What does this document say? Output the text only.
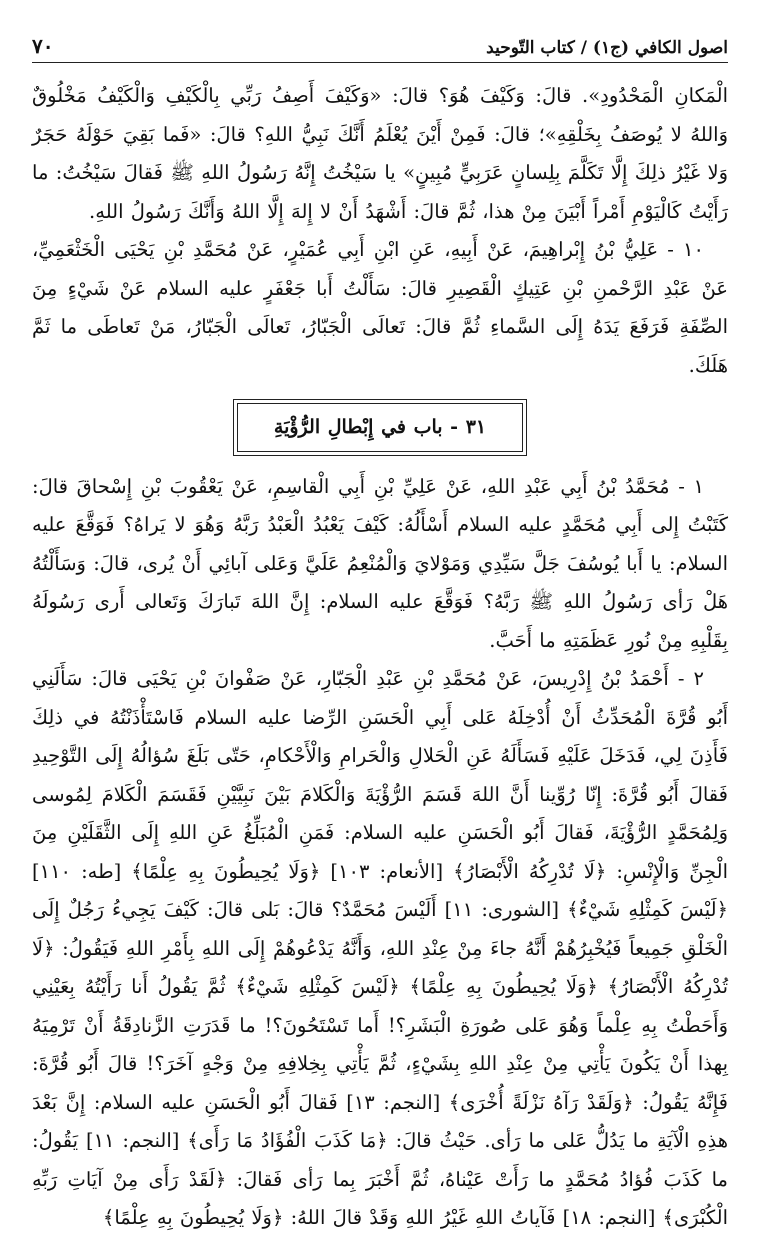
اصول الكافي (ج١) / كتاب التّوحيد
٧٠

الْمَكانِ الْمَحْدُودِ». قالَ: وَكَيْفَ هُوَ؟ قالَ: «وَكَيْفَ أَصِفُ رَبِّي بِالْكَيْفِ وَالْكَيْفُ مَخْلُوقٌ وَاللهُ لا يُوصَفُ بِخَلْقِهِ»؛ قالَ: فَمِنْ أَيْنَ يُعْلَمُ أَنَّكَ نَبِيُّ اللهِ؟ قالَ: «فَما بَقِيَ حَوْلَهُ حَجَرٌ وَلا غَيْرُ ذلِكَ إِلَّا تَكَلَّمَ بِلِسانٍ عَرَبِيٍّ مُبِينٍ» يا سَيْخُتُ إِنَّهُ رَسُولُ اللهِ ﷺ فَقالَ سَيْخُتُ: ما رَأَيْتُ كَالْيَوْمِ أَمْراً أَبْيَنَ مِنْ هذا، ثُمَّ قالَ: أَشْهَدُ أَنْ لا إِلهَ إِلَّا اللهُ وَأَنَّكَ رَسُولُ اللهِ.

١٠ - عَلِيُّ بْنُ إِبْراهِيمَ، عَنْ أَبِيهِ، عَنِ ابْنِ أَبِي عُمَيْرٍ، عَنْ مُحَمَّدِ بْنِ يَحْيَى الْخَثْعَمِيِّ، عَنْ عَبْدِ الرَّحْمنِ بْنِ عَتِيكٍ الْقَصِيرِ قالَ: سَأَلْتُ أَبا جَعْفَرٍ عليه السلام عَنْ شَيْءٍ مِنَ الصِّفَةِ فَرَفَعَ يَدَهُ إِلَى السَّماءِ ثُمَّ قالَ: تَعالَى الْجَبّارُ، تَعالَى الْجَبّارُ، مَنْ تَعاطَى ما ثَمَّ هَلَكَ.

٣١ - باب في إِبْطالِ الرُّؤْيَةِ

١ - مُحَمَّدُ بْنُ أَبِي عَبْدِ اللهِ، عَنْ عَلِيِّ بْنِ أَبِي الْقاسِمِ، عَنْ يَعْقُوبَ بْنِ إِسْحاقَ قالَ: كَتَبْتُ إِلى أَبِي مُحَمَّدٍ عليه السلام أَسْأَلُهُ: كَيْفَ يَعْبُدُ الْعَبْدُ رَبَّهُ وَهُوَ لا يَراهُ؟ فَوَقَّعَ عليه السلام: يا أَبا يُوسُفَ جَلَّ سَيِّدِي وَمَوْلايَ وَالْمُنْعِمُ عَلَيَّ وَعَلى آبائِي أَنْ يُرى، قالَ: وَسَأَلْتُهُ هَلْ رَأى رَسُولُ اللهِ ﷺ رَبَّهُ؟ فَوَقَّعَ عليه السلام: إِنَّ اللهَ تَبارَكَ وَتَعالى أَرى رَسُولَهُ بِقَلْبِهِ مِنْ نُورِ عَظَمَتِهِ ما أَحَبَّ.

٢ - أَحْمَدُ بْنُ إِدْرِيسَ، عَنْ مُحَمَّدِ بْنِ عَبْدِ الْجَبّارِ، عَنْ صَفْوانَ بْنِ يَحْيَى قالَ: سَأَلَنِي أَبُو قُرَّةَ الْمُحَدِّثُ أَنْ أُدْخِلَهُ عَلى أَبِي الْحَسَنِ الرِّضا عليه السلام فَاسْتَأْذَنْتُهُ في ذلِكَ فَأَذِنَ لِي، فَدَخَلَ عَلَيْهِ فَسَأَلَهُ عَنِ الْحَلالِ وَالْحَرامِ وَالْأَحْكامِ، حَتّى بَلَغَ سُؤالُهُ إِلَى التَّوْحِيدِ فَقالَ أَبُو قُرَّةَ: إِنّا رُوِّينا أَنَّ اللهَ قَسَمَ الرُّؤْيَةَ وَالْكَلامَ بَيْنَ نَبِيَّيْنِ فَقَسَمَ الْكَلامَ لِمُوسى وَلِمُحَمَّدٍ الرُّؤْيَةَ، فَقالَ أَبُو الْحَسَنِ عليه السلام: فَمَنِ الْمُبَلِّغُ عَنِ اللهِ إِلَى الثَّقَلَيْنِ مِنَ الْجِنِّ وَالْإِنْسِ: ﴿لَا تُدْرِكُهُ الْأَبْصَارُ﴾ [الأنعام: ١٠٣] ﴿وَلَا يُحِيطُونَ بِهِ عِلْمًا﴾ [طه: ١١٠] ﴿لَيْسَ كَمِثْلِهِ شَيْءٌ﴾ [الشورى: ١١] أَلَيْسَ مُحَمَّدٌ؟ قالَ: بَلى قالَ: كَيْفَ يَجِيءُ رَجُلٌ إِلَى الْخَلْقِ جَمِيعاً فَيُخْبِرُهُمْ أَنَّهُ جاءَ مِنْ عِنْدِ اللهِ، وَأَنَّهُ يَدْعُوهُمْ إِلَى اللهِ بِأَمْرِ اللهِ فَيَقُولُ: ﴿لَا تُدْرِكُهُ الْأَبْصَارُ﴾ ﴿وَلَا يُحِيطُونَ بِهِ عِلْمًا﴾ ﴿لَيْسَ كَمِثْلِهِ شَيْءٌ﴾ ثُمَّ يَقُولُ أَنا رَأَيْتُهُ بِعَيْنِي وَأَحَطْتُ بِهِ عِلْماً وَهُوَ عَلى صُورَةِ الْبَشَرِ؟! أَما تَسْتَحُونَ؟! ما قَدَرَتِ الزَّنادِقَةُ أَنْ تَرْمِيَهُ بِهذا أَنْ يَكُونَ يَأْتِي مِنْ عِنْدِ اللهِ بِشَيْءٍ، ثُمَّ يَأْتِي بِخِلافِهِ مِنْ وَجْهٍ آخَرَ؟! قالَ أَبُو قُرَّةَ: فَإِنَّهُ يَقُولُ: ﴿وَلَقَدْ رَآهُ نَزْلَةً أُخْرَى﴾ [النجم: ١٣] فَقالَ أَبُو الْحَسَنِ عليه السلام: إِنَّ بَعْدَ هذِهِ الْآيَةِ ما يَدُلُّ عَلى ما رَأى. حَيْثُ قالَ: ﴿مَا كَذَبَ الْفُؤَادُ مَا رَأَى﴾ [النجم: ١١] يَقُولُ: ما كَذَبَ فُؤادُ مُحَمَّدٍ ما رَأَتْ عَيْناهُ، ثُمَّ أَخْبَرَ بِما رَأى فَقالَ: ﴿لَقَدْ رَأَى مِنْ آيَاتِ رَبِّهِ الْكُبْرَى﴾ [النجم: ١٨] فَآياتُ اللهِ غَيْرُ اللهِ وَقَدْ قالَ اللهُ: ﴿وَلَا يُحِيطُونَ بِهِ عِلْمًا﴾
